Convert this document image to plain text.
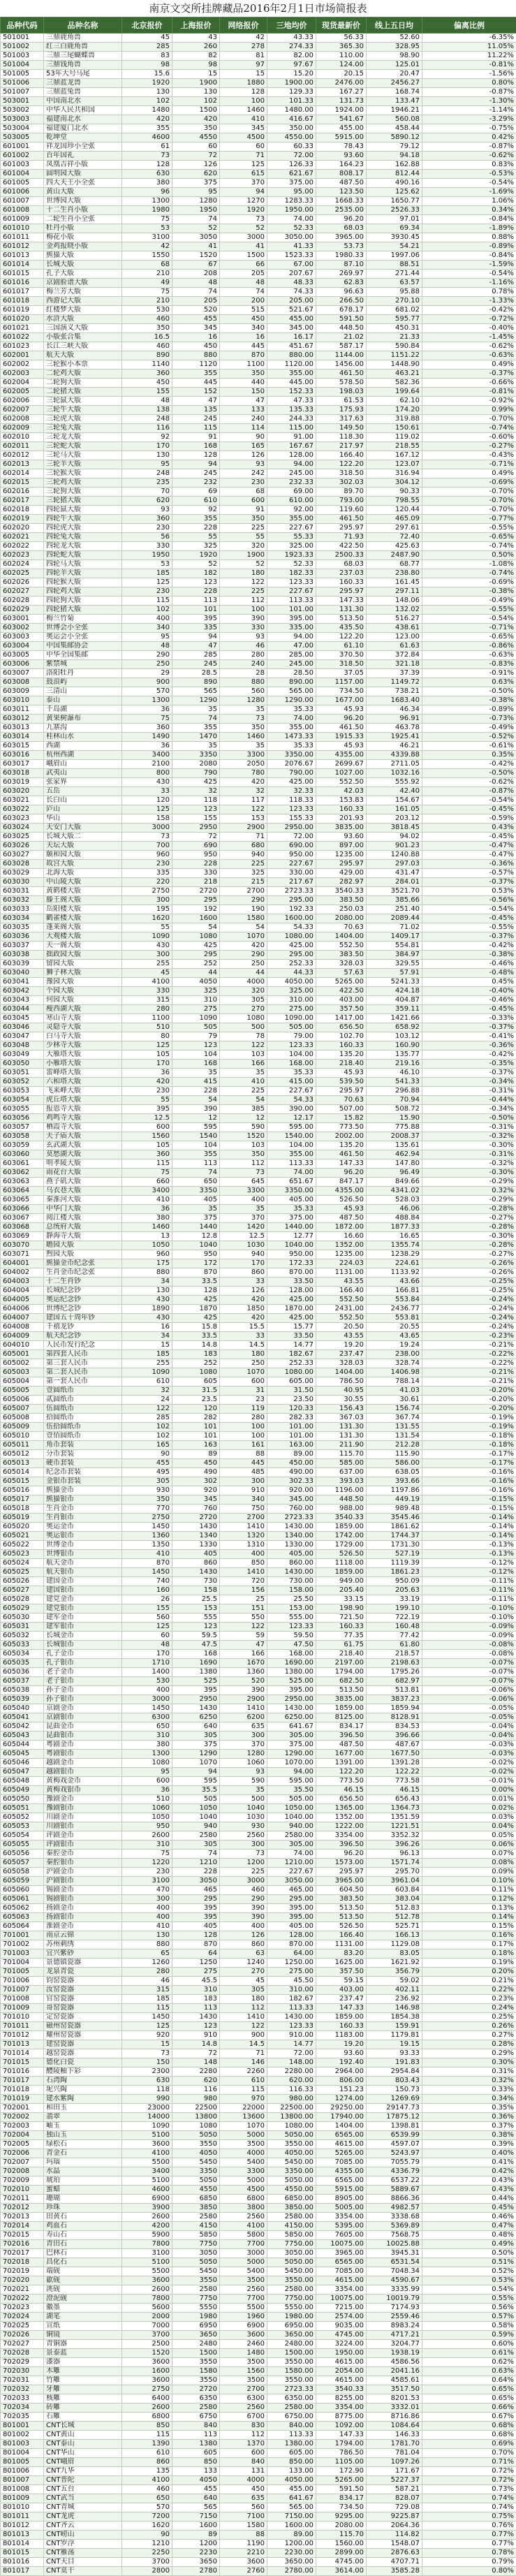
南京文交所挂牌藏品2016年2月1日市场简报表
品种代码	品种名称	北京报价	上海报价	网络报价	三地均价	现货最新价	线上五日均	偏离比例
501001	三鼎鹿角兽	45	43	42	43.33	56.33	52.60	-6.35%
501002	红三白鹿角兽	285	260	278	274.33	365.30	328.95	11.05%
501003	三鼎三尾蝴蝶兽	83	82	81	82.00	110.00	98.90	11.22%
501004	三鼎钱角兽	98	98	97	97.67	124.00	125.01	-0.81%
501005	53年大号马尾	15.6	15	15	15.20	20.15	20.47	-1.56%
501006	三鼎蓝龙兽	1920	1900	1880	1900.00	2476.00	2456.27	0.80%
501007	三鼎蓝兔兽	130	130	128	129.33	167.27	168.74	-0.87%
503001	中国南北水	102	102	100	101.33	131.73	133.47	-1.30%
503002	中华人民共和国	1480	1500	1460	1480.00	1924.00	1946.21	-1.14%
503003	福建南北水	420	420	410	416.67	541.67	560.08	-3.29%
503004	福建厦门北水	355	350	345	350.00	455.00	458.44	-0.75%
503005	乾坤堂	4600	4550	4500	4550.00	5915.00	5890.12	0.42%
601001	祥龙国珍小全张	61	60	60	60.33	78.43	79.12	-0.87%
601002	百年国礼	73	72	71	72.00	93.60	94.18	-0.62%
601003	凤凰吉祥小版	128	126	125	126.33	164.23	162.88	0.83%
601004	圆明园大版	630	620	615	621.67	808.17	812.44	-0.53%
601005	四大天王小全张	380	375	370	375.00	487.50	490.16	-0.54%
601006	黄山大版	96	95	94	95.00	123.50	125.62	-1.69%
601007	世博园大版	1300	1280	1270	1283.33	1668.33	1650.77	1.06%
601008	十二生肖小版	1980	1950	1920	1950.00	2535.00	2526.33	0.34%
601009	二轮生肖小全张	75	74	73	74.00	96.20	97.01	-0.84%
601010	牡丹小版	53	52	52	52.33	68.03	69.34	-1.89%
601011	梅花小版	3100	3050	3000	3050.00	3965.00	3930.45	0.88%
601012	金鸡报晓小版	42	41	41	41.33	53.73	54.21	-0.89%
601013	熊猫大版	1550	1520	1500	1523.33	1980.33	1997.06	-0.84%
601014	长城大版	68	67	66	67.00	87.10	88.51	-1.59%
601015	孔子大版	210	208	205	207.67	269.97	271.44	-0.54%
601016	京剧脸谱大版	49	48	48	48.33	62.83	63.57	-1.16%
601017	梅兰芳大版	75	74	74	74.33	96.63	95.88	0.78%
601018	西游记大版	210	205	200	205.00	266.50	270.10	-1.33%
601019	红楼梦大版	530	520	515	521.67	678.17	681.02	-0.42%
601020	水浒大版	460	455	450	455.00	591.50	595.77	-0.72%
601021	三国演义大版	350	345	340	345.00	448.50	450.31	-0.40%
601022	小版张合集	16.5	16	16	16.17	21.02	21.33	-1.45%
601023	长江三峡大版	460	450	445	451.67	587.17	590.84	-0.62%
602001	航天大版	890	880	870	880.00	1144.00	1151.22	-0.63%
602002	三轮猴小本票	1140	1120	1100	1120.00	1456.00	1448.90	0.49%
602003	二轮鸡大版	360	355	350	355.00	461.50	463.21	-0.37%
602004	二轮狗大版	450	445	440	445.00	578.50	582.36	-0.66%
602005	二轮猪大版	155	152	150	152.33	198.03	199.64	-0.81%
602006	三轮鼠大版	48	47	47	47.33	61.53	62.10	-0.92%
602007	三轮牛大版	138	135	133	135.33	175.93	174.20	0.99%
602008	三轮虎大版	248	245	240	244.33	317.63	319.88	-0.70%
602009	三轮兔大版	116	115	114	115.00	149.50	150.61	-0.74%
602010	三轮龙大版	92	91	90	91.00	118.30	119.02	-0.60%
602011	三轮蛇大版	170	168	165	167.67	217.97	218.55	-0.27%
602012	三轮马大版	130	128	126	128.00	166.40	167.12	-0.43%
602013	三轮羊大版	95	94	93	94.00	122.20	123.07	-0.71%
602014	三轮猴大版	248	245	242	245.00	318.50	316.94	0.49%
602015	三轮鸡大版	235	232	230	232.33	302.03	304.12	-0.69%
602016	三轮狗大版	70	69	68	69.00	89.70	90.33	-0.70%
602017	三轮猪大版	620	610	600	610.00	793.00	798.55	-0.70%
602018	四轮鼠大版	93	92	91	92.00	119.60	120.44	-0.70%
602019	四轮牛大版	360	355	350	355.00	461.50	465.09	-0.77%
602020	四轮虎大版	230	228	225	227.67	295.97	297.61	-0.55%
602021	四轮兔大版	56	55	55	55.33	71.93	72.40	-0.65%
602022	四轮龙大版	330	325	320	325.00	422.50	425.63	-0.74%
602023	四轮蛇大版	1950	1920	1900	1923.33	2500.33	2487.90	0.50%
602024	四轮马大版	53	52	52	52.33	68.03	68.77	-1.08%
602025	四轮羊大版	185	182	180	182.33	237.03	238.80	-0.74%
602026	四轮猴大版	125	123	122	123.33	160.33	161.45	-0.69%
602027	四轮鸡大版	230	228	225	227.67	295.97	297.11	-0.38%
602028	四轮狗大版	115	113	112	113.33	147.33	148.06	-0.49%
602029	四轮猪大版	102	101	100	101.00	131.30	132.02	-0.55%
603001	梅兰竹菊	400	395	390	395.00	513.50	516.27	-0.54%
603002	世博会小全张	340	335	330	335.00	435.50	438.61	-0.71%
603003	奥运会小全张	95	94	93	94.00	122.20	123.00	-0.65%
603004	中国集邮协会	48	47	46	47.00	61.10	61.63	-0.86%
603005	中华全国集邮	290	285	280	285.00	370.50	372.84	-0.63%
603006	紫禁城	250	245	240	245.00	318.50	321.18	-0.83%
603007	洛阳牡丹	29	28.5	28	28.50	37.05	37.39	-0.91%
603008	鼓浪屿	900	890	880	890.00	1157.00	1149.72	0.63%
603009	三清山	570	565	560	565.00	734.50	738.21	-0.50%
603010	泰山	1300	1290	1280	1290.00	1677.00	1683.40	-0.38%
603011	千岛湖	36	35	35	35.33	45.93	46.34	-0.89%
603012	黄果树瀑布	75	74	73	74.00	96.20	96.91	-0.73%
603013	九寨沟	360	355	350	355.00	461.50	463.78	-0.49%
603014	桂林山水	1490	1470	1460	1473.33	1915.33	1925.41	-0.52%
603015	西湖	36	35	35	35.33	45.93	46.21	-0.61%
603016	杭州西湖	3400	3350	3300	3350.00	4355.00	4339.88	0.35%
603017	峨眉山	2100	2080	2050	2076.67	2699.67	2711.05	-0.42%
603018	武夷山	800	790	780	790.00	1027.00	1032.16	-0.50%
603019	张家界	430	425	420	425.00	552.50	555.92	-0.62%
603020	五岳	33	32	32	32.33	42.03	42.40	-0.87%
603021	长白山	120	118	117	118.33	153.83	154.67	-0.54%
603022	庐山	125	123	122	123.33	160.33	161.05	-0.45%
603023	华山	158	155	153	155.33	201.93	203.12	-0.59%
603024	天安门大版	3000	2950	2900	2950.00	3835.00	3818.45	0.43%
603025	长城大版二	73	72	71	72.00	93.60	94.02	-0.45%
603026	天坛大版	700	690	680	690.00	897.00	901.23	-0.47%
603027	颐和园大版	960	950	940	950.00	1235.00	1240.88	-0.47%
603028	故宫大版	230	228	225	227.67	295.97	297.03	-0.36%
603029	北海大版	335	330	325	330.00	429.00	431.47	-0.57%
603030	中山陵大版	220	218	215	217.67	282.97	284.01	-0.37%
603031	黄鹤楼大版	2750	2720	2700	2723.33	3540.33	3521.70	0.53%
603032	滕王阁大版	300	295	290	295.00	383.50	385.66	-0.56%
603033	岳阳楼大版	195	192	190	192.33	250.03	251.40	-0.54%
603034	鹳雀楼大版	1620	1600	1580	1600.00	2080.00	2089.44	-0.45%
603035	蓬莱阁大版	55	54	54	54.33	70.63	71.02	-0.55%
603036	大观楼大版	1090	1080	1070	1080.00	1404.00	1409.17	-0.37%
603037	天一阁大版	430	425	420	425.00	552.50	554.81	-0.42%
603038	拙政园大版	300	295	290	295.00	383.50	384.97	-0.38%
603039	留园大版	255	252	250	252.33	328.03	329.55	-0.46%
603040	狮子林大版	45	44	44	44.33	57.63	57.91	-0.48%
603041	豫园大版	4100	4050	4000	4050.00	5265.00	5241.33	0.45%
603042	个园大版	330	325	320	325.00	422.50	424.18	-0.40%
603043	何园大版	315	310	305	310.00	403.00	404.87	-0.46%
603044	瘦西湖大版	280	275	270	275.00	357.50	359.11	-0.45%
603045	寒山寺大版	1100	1090	1080	1090.00	1417.00	1421.66	-0.33%
603046	灵隐寺大版	510	505	500	505.00	656.50	658.92	-0.37%
603047	白马寺大版	80	79	78	79.00	102.70	103.12	-0.41%
603048	少林寺大版	125	123	122	123.33	160.33	160.90	-0.36%
603049	大雁塔大版	105	104	103	104.00	135.20	135.77	-0.42%
603050	小雁塔大版	170	168	166	168.00	218.40	219.16	-0.35%
603051	雷峰塔大版	36	35	35	35.33	45.93	46.10	-0.37%
603052	六和塔大版	420	415	410	415.00	539.50	541.33	-0.34%
603053	飞来峰大版	230	228	225	227.67	295.97	296.88	-0.31%
603054	虎丘塔大版	55	54	54	54.33	70.63	70.94	-0.44%
603055	报恩寺大版	395	390	385	390.00	507.00	508.72	-0.34%
603056	鸡鸣寺大版	12.5	12	12	12.17	15.82	15.90	-0.50%
603057	栖霞寺大版	600	595	590	595.00	773.50	775.88	-0.31%
603058	夫子庙大版	1560	1540	1520	1540.00	2002.00	2008.37	-0.32%
603059	玄武湖大版	105	104	103	104.00	135.20	135.61	-0.30%
603060	莫愁湖大版	360	355	350	355.00	461.50	462.94	-0.31%
603061	明孝陵大版	115	113	112	113.33	147.33	147.80	-0.32%
603062	雨花台大版	75	74	73	74.00	96.20	96.49	-0.30%
603063	燕子矶大版	660	650	645	651.67	847.17	849.66	-0.29%
603064	乌衣巷大版	3400	3350	3300	3350.00	4355.00	4341.02	0.32%
603065	秦淮河大版	410	405	400	405.00	526.50	528.03	-0.29%
603066	中华门大版	36	35	35	35.33	45.93	46.06	-0.28%
603067	阅江楼大版	380	375	370	375.00	487.50	488.84	-0.27%
603068	总统府大版	1460	1440	1420	1440.00	1872.00	1877.33	-0.28%
603069	静海寺大版	13	12.8	12.5	12.77	16.60	16.65	-0.30%
603070	瞻园大版	1050	1040	1030	1040.00	1352.00	1355.74	-0.28%
603071	煦园大版	960	950	940	950.00	1235.00	1238.29	-0.27%
604001	熊猫金币纪念张	175	172	170	172.33	224.03	224.61	-0.26%
604002	生肖金币纪念张	880	870	860	870.00	1131.00	1133.92	-0.26%
604003	十二生肖钞	34	33.5	33	33.50	43.55	43.66	-0.25%
604004	长城纪念钞	130	128	126	128.00	166.40	166.81	-0.25%
604005	奥运纪念钞	430	425	420	425.00	552.50	553.84	-0.24%
604006	世博纪念钞	1890	1870	1850	1870.00	2431.00	2436.77	-0.24%
604007	建国五十周年钞	430	425	420	425.00	552.50	553.81	-0.24%
604008	千禧龙钞	16	15.8	15.5	15.77	20.50	20.55	-0.24%
604009	航天纪念钞	34	33.5	33	33.50	43.55	43.65	-0.23%
604010	人民币发行纪念	15	14.8	14.5	14.77	19.20	19.24	-0.21%
605001	第四套人民币	185	183	180	182.67	237.47	238.00	-0.22%
605002	第三套人民币	255	252	250	252.33	328.03	328.74	-0.22%
605003	第二套人民币	1090	1080	1070	1080.00	1404.00	1406.98	-0.21%
605004	第一套人民币	610	605	600	605.00	786.50	788.14	-0.21%
605005	壹圆纸币	32	31.5	31	31.50	40.95	41.03	-0.20%
605006	贰圆纸币	24	23.5	23	23.50	30.55	30.61	-0.20%
605007	伍圆纸币	122	120	119	120.33	156.43	156.74	-0.20%
605008	拾圆纸币	285	282	280	282.33	367.03	367.74	-0.19%
605009	伍拾圆纸币	102	101	100	101.00	131.30	131.55	-0.19%
605010	壹佰圆纸币	102	101	100	101.00	131.30	131.54	-0.18%
605011	角币套装	165	163	161	163.00	211.90	212.28	-0.18%
605012	分币套装	90	89	88	89.00	115.70	115.90	-0.17%
605013	硬币套装	455	450	445	450.00	585.00	586.00	-0.17%
605014	纪念币套装	495	490	485	490.00	637.00	638.05	-0.16%
605015	金银币套装	305	302	300	302.33	393.03	393.66	-0.16%
605016	熊猫金币	930	920	910	920.00	1196.00	1197.86	-0.16%
605017	熊猫银币	350	345	340	345.00	448.50	449.19	-0.15%
605018	生肖金币	770	760	750	760.00	988.00	989.48	-0.15%
605019	生肖银币	2750	2720	2700	2723.33	3540.33	3545.46	-0.14%
605020	奥运金币	1450	1430	1410	1430.00	1859.00	1861.62	-0.14%
605021	奥运银币	1360	1340	1320	1340.00	1742.00	1744.37	-0.14%
605022	世博金币	1350	1330	1310	1330.00	1729.00	1731.30	-0.13%
605023	世博银币	410	405	400	405.00	526.50	527.19	-0.13%
605024	航天金币	870	860	850	860.00	1118.00	1119.39	-0.12%
605025	航天银币	1450	1430	1410	1430.00	1859.00	1861.23	-0.12%
605026	建国金币	740	730	720	730.00	949.00	950.09	-0.11%
605027	建国银币	160	158	156	158.00	205.40	205.63	-0.11%
605028	建党金币	26	25.5	25	25.50	33.15	33.19	-0.11%
605029	建党银币	155	153	151	153.00	198.90	199.10	-0.10%
605030	建军金币	560	555	550	555.00	721.50	722.19	-0.10%
605031	建军银币	125	123	122	123.33	160.33	160.48	-0.09%
605032	长城金币	60	59.5	59	59.50	77.35	77.42	-0.09%
605033	长城银币	48	47.5	47	47.50	61.75	61.80	-0.08%
605034	孔子金币	170	168	166	168.00	218.40	218.57	-0.08%
605035	孔子银币	1710	1690	1670	1690.00	2197.00	2198.63	-0.07%
605036	老子金币	1400	1380	1360	1380.00	1794.00	1795.26	-0.07%
605037	老子银币	530	525	520	525.00	682.50	682.97	-0.07%
605038	孙子金币	400	395	390	395.00	513.50	513.81	-0.06%
605039	孙子银币	3000	2950	2900	2950.00	3835.00	3837.23	-0.06%
605040	京剧金币	1450	1430	1410	1430.00	1859.00	1859.94	-0.05%
605041	京剧银币	6300	6250	6200	6250.00	8125.00	8128.91	-0.05%
605042	昆曲金币	650	640	635	641.67	834.17	834.53	-0.04%
605043	昆曲银币	310	305	300	305.00	396.50	396.66	-0.04%
605044	粤剧金币	380	375	370	375.00	487.50	487.67	-0.03%
605045	粤剧银币	1300	1290	1280	1290.00	1677.00	1677.50	-0.03%
605046	越剧金币	1080	1070	1060	1070.00	1391.00	1391.28	-0.02%
605047	越剧银币	95	94	93	94.00	122.20	122.22	-0.02%
605048	黄梅戏金币	600	595	590	595.00	773.50	773.58	-0.01%
605049	黄梅戏银币	36	35.5	35	35.50	46.15	46.15	0.00%
605050	豫剧金币	510	505	500	505.00	656.50	656.43	0.01%
605051	豫剧银币	1060	1050	1040	1050.00	1365.00	1364.73	0.02%
605052	川剧金币	1050	1040	1030	1040.00	1352.00	1351.59	0.03%
605053	川剧银币	950	940	930	940.00	1222.00	1221.51	0.04%
605054	评剧金币	2600	2580	2560	2580.00	3354.00	3352.32	0.05%
605055	评剧银币	310	305	300	305.00	396.50	396.26	0.06%
605056	秦腔金币	75	74	73	74.00	96.20	96.13	0.07%
605057	秦腔银币	1220	1210	1200	1210.00	1573.00	1571.74	0.08%
605058	沪剧金币	230	228	225	227.67	295.97	295.70	0.09%
605059	沪剧银币	3100	3050	3000	3050.00	3965.00	3961.04	0.10%
605060	锡剧金币	470	465	460	465.00	604.50	603.84	0.11%
605061	锡剧银币	300	295	290	295.00	383.50	383.04	0.12%
605062	扬剧金币	400	395	390	395.00	513.50	512.83	0.13%
605063	扬剧银币	400	395	390	395.00	513.50	512.78	0.14%
605064	淮剧金币	410	405	400	405.00	526.50	525.71	0.15%
701001	南京云锦	130	128	126	128.00	166.40	166.13	0.16%
701002	苏州刺绣	880	870	860	870.00	1131.00	1129.08	0.17%
701003	宜兴紫砂	65	64	63	64.00	83.20	83.05	0.18%
701004	景德镇瓷器	1260	1250	1240	1250.00	1625.00	1621.92	0.19%
701005	龙泉青瓷	280	275	270	275.00	357.50	356.79	0.20%
701006	钧窑瓷器	46	45.5	45	45.50	59.15	59.02	0.21%
701007	汝窑瓷器	315	310	305	310.00	403.00	402.11	0.22%
701008	官窑瓷器	185	183	180	182.67	237.47	236.92	0.23%
701009	哥窑瓷器	115	113	112	113.33	147.33	146.98	0.24%
701010	定窑瓷器	1450	1430	1410	1430.00	1859.00	1854.38	0.25%
701011	磁州窑瓷器	125	123	122	123.33	160.33	159.91	0.26%
701012	耀州窑瓷器	920	910	900	910.00	1183.00	1179.81	0.27%
701013	建窑瓷器	15	14.8	14.5	14.77	19.20	19.15	0.28%
701014	越窑瓷器	73	72	71	72.00	93.60	93.33	0.29%
701015	德化白瓷	150	148	146	148.00	192.40	191.83	0.30%
701016	醴陵釉下彩	2300	2280	2260	2280.00	2964.00	2954.84	0.31%
701017	石湾陶	630	620	610	620.00	806.00	803.43	0.32%
701018	坭兴陶	118	116	115	116.33	151.23	150.73	0.33%
701019	建水紫陶	990	980	970	980.00	1274.00	1269.69	0.34%
702001	和田玉	23000	22500	22000	22500.00	29250.00	29147.73	0.35%
702002	翡翠	14000	13800	13600	13800.00	17940.00	17875.12	0.36%
702003	岫玉	1090	1080	1070	1080.00	1404.00	1398.81	0.37%
702004	独山玉	5100	5050	5000	5050.00	6565.00	6539.99	0.38%
702005	绿松石	3600	3550	3500	3550.00	4615.00	4597.07	0.39%
702006	青金石	4100	4050	4000	4050.00	5265.00	5243.97	0.40%
702007	玛瑙	5500	5450	5400	5450.00	7085.00	7055.79	0.41%
702008	水晶	3400	3350	3300	3350.00	4355.00	4336.79	0.42%
702009	琥珀	5100	5050	5000	5050.00	6565.00	6537.22	0.43%
702010	蜜蜡	4600	4550	4500	4550.00	5915.00	5889.67	0.43%
702011	珊瑚	6900	6850	6800	6850.00	8905.00	8866.36	0.44%
702012	珍珠	3900	3850	3800	3850.00	5005.00	4982.57	0.45%
702013	田黄石	2600	2580	2560	2580.00	3354.00	3338.68	0.46%
702014	鸡血石	4200	4150	4100	4150.00	5395.00	5369.89	0.47%
702015	寿山石	5900	5850	5800	5850.00	7605.00	7568.75	0.48%
702016	青田石	7800	7750	7700	7750.00	10075.00	10025.88	0.49%
702017	巴林石	3100	3050	3000	3050.00	3965.00	3945.31	0.50%
702018	昌化石	5100	5050	5000	5050.00	6565.00	6531.54	0.51%
702019	端砚	5500	5450	5400	5450.00	7085.00	7048.34	0.52%
702020	歙砚	3600	3550	3500	3550.00	4615.00	4590.67	0.53%
702021	洮砚	2600	2580	2560	2580.00	3354.00	3335.99	0.54%
702022	澄泥砚	7800	7750	7700	7750.00	10075.00	10019.79	0.55%
702023	徽墨	5600	5550	5500	5550.00	7215.00	7174.93	0.56%
702024	湖笔	2000	1980	1960	1980.00	2574.00	2559.46	0.57%
702025	宣纸	7000	6950	6900	6950.00	9035.00	8983.24	0.58%
702026	铜镜	3700	3650	3600	3650.00	4745.00	4717.21	0.59%
702027	青铜器	2500	2480	2460	2480.00	3224.00	3204.77	0.60%
702028	景泰蓝	1520	1500	1480	1500.00	1950.00	1938.19	0.61%
702029	漆器	3600	3550	3500	3550.00	4615.00	4586.56	0.62%
702030	木雕	1600	1580	1560	1580.00	2054.00	2041.16	0.63%
702031	竹雕	3600	3550	3500	3550.00	4615.00	4585.61	0.64%
702032	牙雕	2750	2720	2700	2723.33	3540.33	3517.50	0.65%
702033	核雕	6400	6350	6300	6350.00	8255.00	8201.53	0.65%
702034	砖雕	2600	2580	2560	2580.00	3354.00	3332.01	0.66%
702035	石雕	6800	6750	6700	6750.00	8775.00	8716.86	0.67%
801001	CNT长城	850	840	830	840.00	1092.00	1084.64	0.68%
801002	CNT黄山	115	113	112	113.33	147.33	146.33	0.68%
801003	CNT泰山	1390	1380	1370	1380.00	1794.00	1781.70	0.69%
801004	CNT华山	610	605	600	605.00	786.50	781.04	0.70%
801005	CNT峨眉	860	850	840	850.00	1105.00	1097.26	0.71%
801006	CNT九华	135	133	131	133.00	172.90	171.67	0.72%
801007	CNT普陀	4100	4050	4000	4050.00	5265.00	5227.37	0.72%
801008	CNT五台	460	455	450	455.00	591.50	587.21	0.73%
801009	CNT武当	650	640	635	641.67	834.17	828.07	0.74%
801010	CNT青城	570	565	560	565.00	734.50	729.08	0.74%
801011	CNT龙虎	7200	7150	7100	7150.00	9295.00	9225.87	0.75%
801012	CNT齐云	1620	1600	1580	1600.00	2080.00	2064.36	0.76%
801013	CNT崂山	90	89	88	89.00	115.70	114.82	0.77%
801014	CNT罗浮	1210	1200	1190	1200.00	1560.00	1548.07	0.77%
801015	CNT雁荡	2250	2230	2210	2230.00	2899.00	2876.63	0.78%
801016	CNT天目	3700	3650	3600	3650.00	4745.00	4707.71	0.79%
801017	CNT莫干	2800	2780	2760	2780.00	3614.00	3585.28	0.80%
